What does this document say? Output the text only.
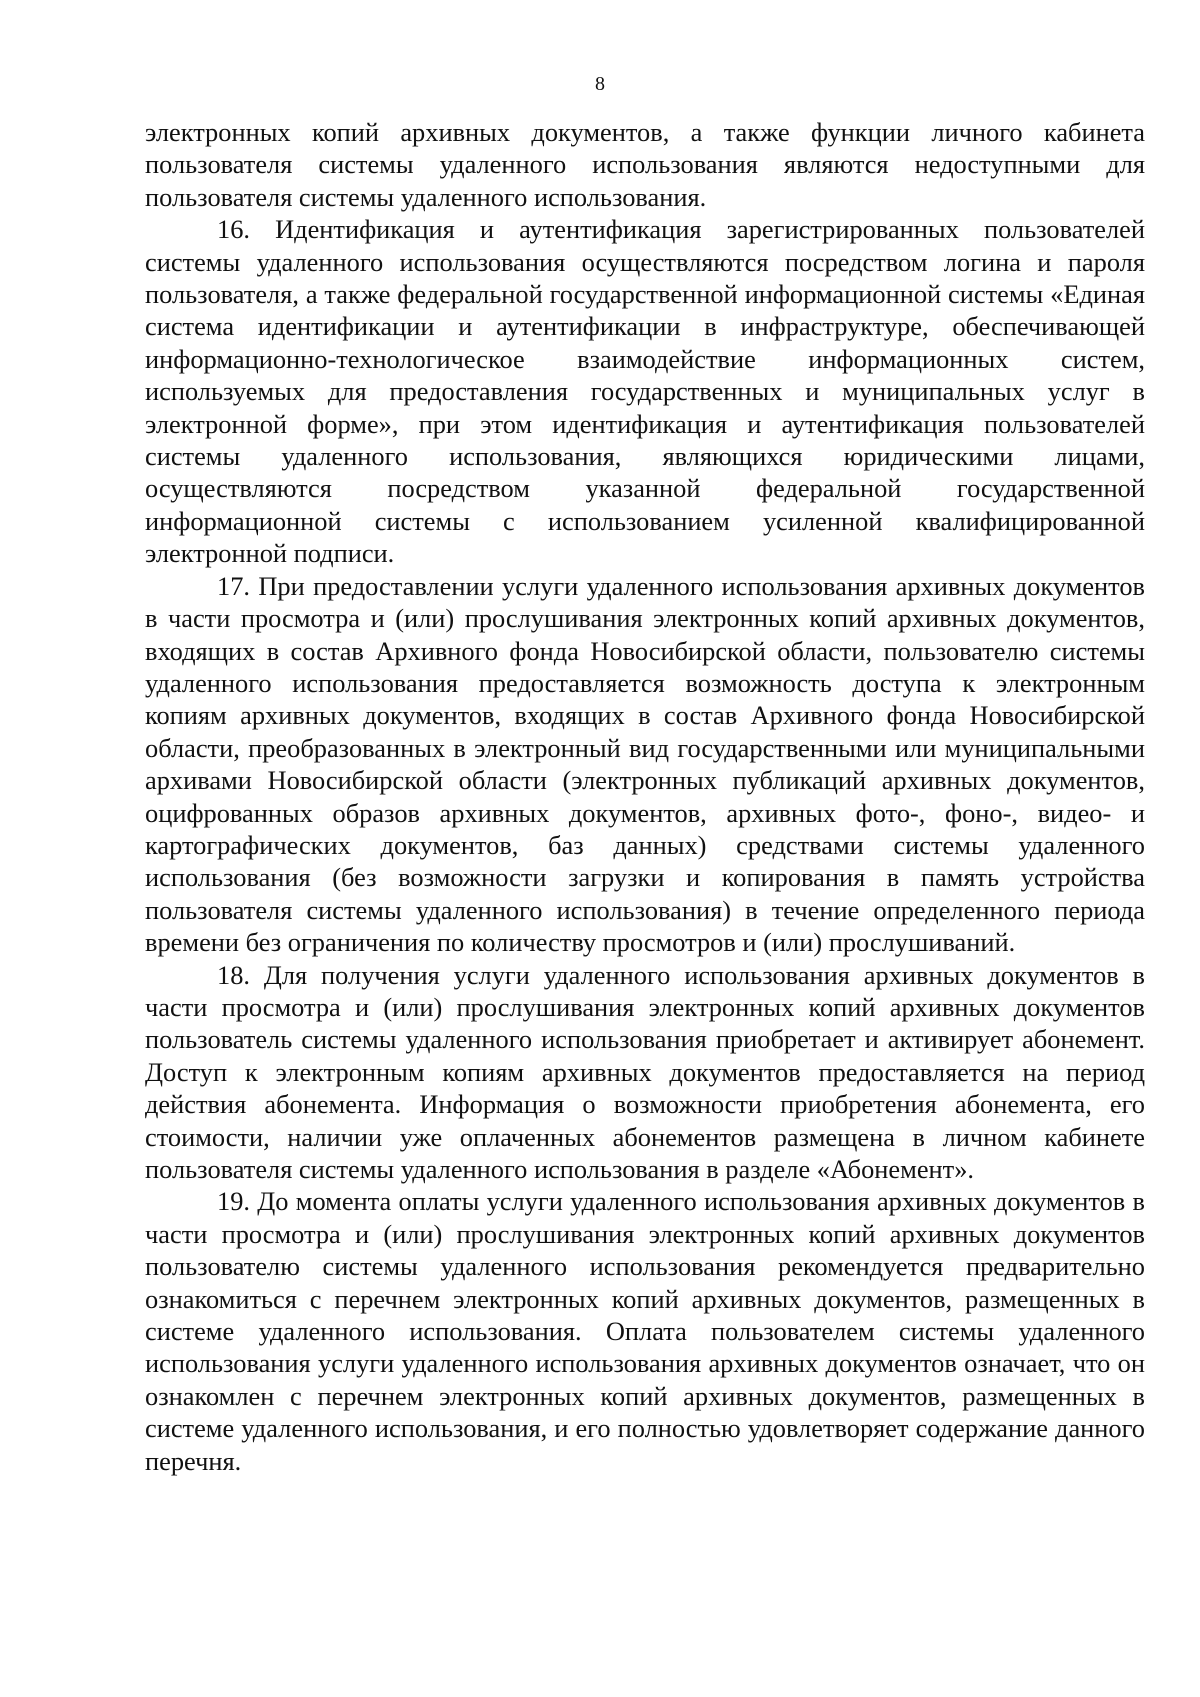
8

электронных копий архивных документов, а также функции личного кабинета пользователя системы удаленного использования являются недоступными для пользователя системы удаленного использования.

16. Идентификация и аутентификация зарегистрированных пользователей системы удаленного использования осуществляются посредством логина и пароля пользователя, а также федеральной государственной информационной системы «Единая система идентификации и аутентификации в инфраструктуре, обеспечивающей информационно-технологическое взаимодействие информационных систем, используемых для предоставления государственных и муниципальных услуг в электронной форме», при этом идентификация и аутентификация пользователей системы удаленного использования, являющихся юридическими лицами, осуществляются посредством указанной федеральной государственной информационной системы с использованием усиленной квалифицированной электронной подписи.

17. При предоставлении услуги удаленного использования архивных документов в части просмотра и (или) прослушивания электронных копий архивных документов, входящих в состав Архивного фонда Новосибирской области, пользователю системы удаленного использования предоставляется возможность доступа к электронным копиям архивных документов, входящих в состав Архивного фонда Новосибирской области, преобразованных в электронный вид государственными или муниципальными архивами Новосибирской области (электронных публикаций архивных документов, оцифрованных образов архивных документов, архивных фото-, фоно-, видео- и картографических документов, баз данных) средствами системы удаленного использования (без возможности загрузки и копирования в память устройства пользователя системы удаленного использования) в течение определенного периода времени без ограничения по количеству просмотров и (или) прослушиваний.

18. Для получения услуги удаленного использования архивных документов в части просмотра и (или) прослушивания электронных копий архивных документов пользователь системы удаленного использования приобретает и активирует абонемент. Доступ к электронным копиям архивных документов предоставляется на период действия абонемента. Информация о возможности приобретения абонемента, его стоимости, наличии уже оплаченных абонементов размещена в личном кабинете пользователя системы удаленного использования в разделе «Абонемент».

19. До момента оплаты услуги удаленного использования архивных документов в части просмотра и (или) прослушивания электронных копий архивных документов пользователю системы удаленного использования рекомендуется предварительно ознакомиться с перечнем электронных копий архивных документов, размещенных в системе удаленного использования. Оплата пользователем системы удаленного использования услуги удаленного использования архивных документов означает, что он ознакомлен с перечнем электронных копий архивных документов, размещенных в системе удаленного использования, и его полностью удовлетворяет содержание данного перечня.
